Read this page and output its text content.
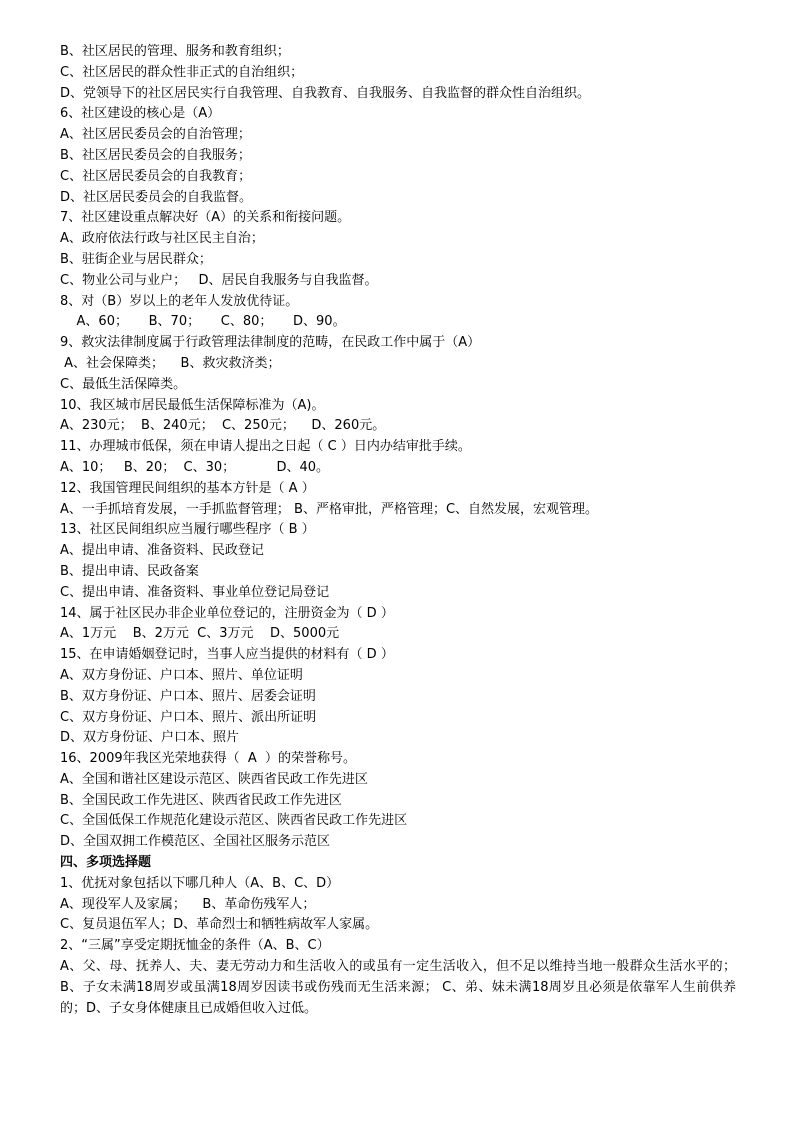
B、社区居民的管理、服务和教育组织；
C、社区居民的群众性非正式的自治组织；
D、党领导下的社区居民实行自我管理、自我教育、自我服务、自我监督的群众性自治组织。
6、社区建设的核心是（A）
A、社区居民委员会的自治管理；
B、社区居民委员会的自我服务；
C、社区居民委员会的自我教育；
D、社区居民委员会的自我监督。
7、社区建设重点解决好（A）的关系和衔接问题。
A、政府依法行政与社区民主自治；
B、驻街企业与居民群众；
C、物业公司与业户；   D、居民自我服务与自我监督。
8、对（B）岁以上的老年人发放优待证。
A、60；     B、70；     C、80；     D、90。
9、救灾法律制度属于行政管理法律制度的范畴，在民政工作中属于（A）
A、社会保障类；    B、救灾救济类；
C、最低生活保障类。
10、我区城市居民最低生活保障标准为（A)。
A、230元；  B、240元；  C、250元；    D、260元。
11、办理城市低保，须在申请人提出之日起（ C ）日内办结审批手续。
A、10；   B、20；  C、30；          D、40。
12、我国管理民间组织的基本方针是（ A ）
A、一手抓培育发展，一手抓监督管理； B、严格审批，严格管理；C、自然发展，宏观管理。
13、社区民间组织应当履行哪些程序（ B ）
A、提出申请、准备资料、民政登记
B、提出申请、民政备案
C、提出申请、准备资料、事业单位登记局登记
14、属于社区民办非企业单位登记的，注册资金为（ D ）
A、1万元    B、2万元  C、3万元    D、5000元
15、在申请婚姻登记时，当事人应当提供的材料有（ D ）
A、双方身份证、户口本、照片、单位证明
B、双方身份证、户口本、照片、居委会证明
C、双方身份证、户口本、照片、派出所证明
D、双方身份证、户口本、照片
16、2009年我区光荣地获得（  A  ）的荣誉称号。
A、全国和谐社区建设示范区、陕西省民政工作先进区
B、全国民政工作先进区、陕西省民政工作先进区
C、全国低保工作规范化建设示范区、陕西省民政工作先进区
D、全国双拥工作模范区、全国社区服务示范区
四、多项选择题
1、优抚对象包括以下哪几种人（A、B、C、D）
A、现役军人及家属；    B、革命伤残军人；
C、复员退伍军人；D、革命烈士和牺牲病故军人家属。
2、“三属”享受定期抚恤金的条件（A、B、C）
A、父、母、抚养人、夫、妻无劳动力和生活收入的或虽有一定生活收入，但不足以维持当地一般群众生活水平的；B、子女未满18周岁或虽满18周岁因读书或伤残而无生活来源； C、弟、妹未满18周岁且必须是依靠军人生前供养的；D、子女身体健康且已成婚但收入过低。
